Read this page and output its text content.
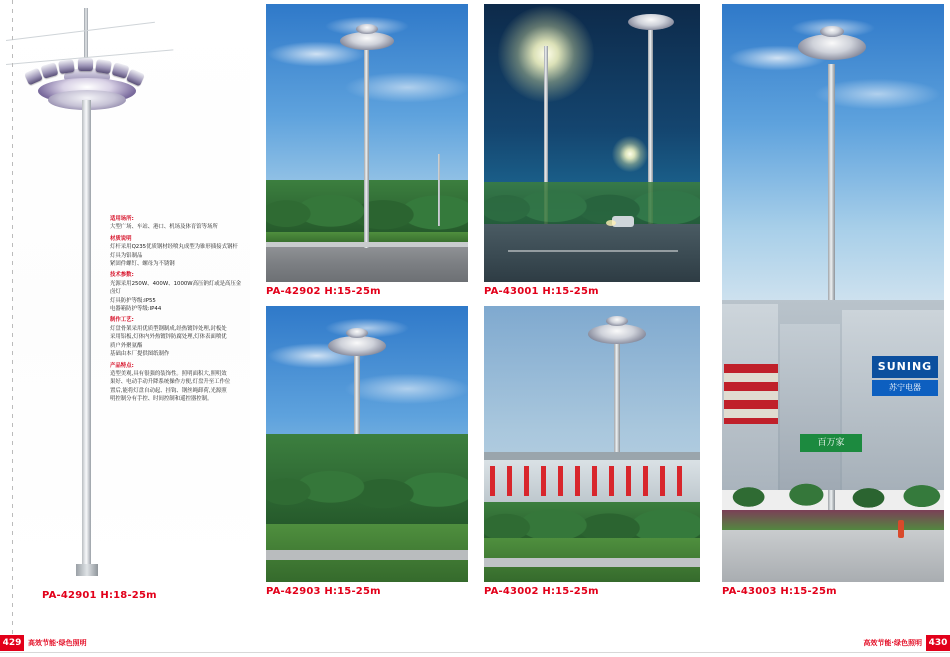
适用场所:
大型广场、车站、港口、机场及体育馆等场所
材质说明
灯杆采用Q235优质钢材经喷丸成型为锥形插接式钢杆
灯具为铝制品
紧固件螺钉、螺母为不锈钢
技术参数:
光源采用250W、400W、1000W高压钠灯或是高压金
卤灯
灯具防护等级:IP55
电器箱防护等级:IP44
制作工艺:
灯盘骨架采用优质型钢制成,经热镀锌处理,封板处
采用铝板,灯体内外热镀锌防腐处理,灯体表面喷优
质户外聚氨酯
基础由本厂提供图纸制作
产品特点:
造型美观,具有很强的装饰性。照明面积大,照明效
果好、电动手动升降系统操作方便,灯盘升至工作位
置后,能将灯盘自动起、挂钩、钢丝绳卸荷,光源照
明控制分有手控、时间控制和遥控器控制。
PA-42901 H:18-25m
PA-42902 H:15-25m	PA-43001 H:15-25m
SUNING
苏宁电器
百万家
PA-43003 H:15-25m
PA-42903 H:15-25m	PA-43002 H:15-25m
429 高效节能·绿色照明	430
高效节能·绿色照明
